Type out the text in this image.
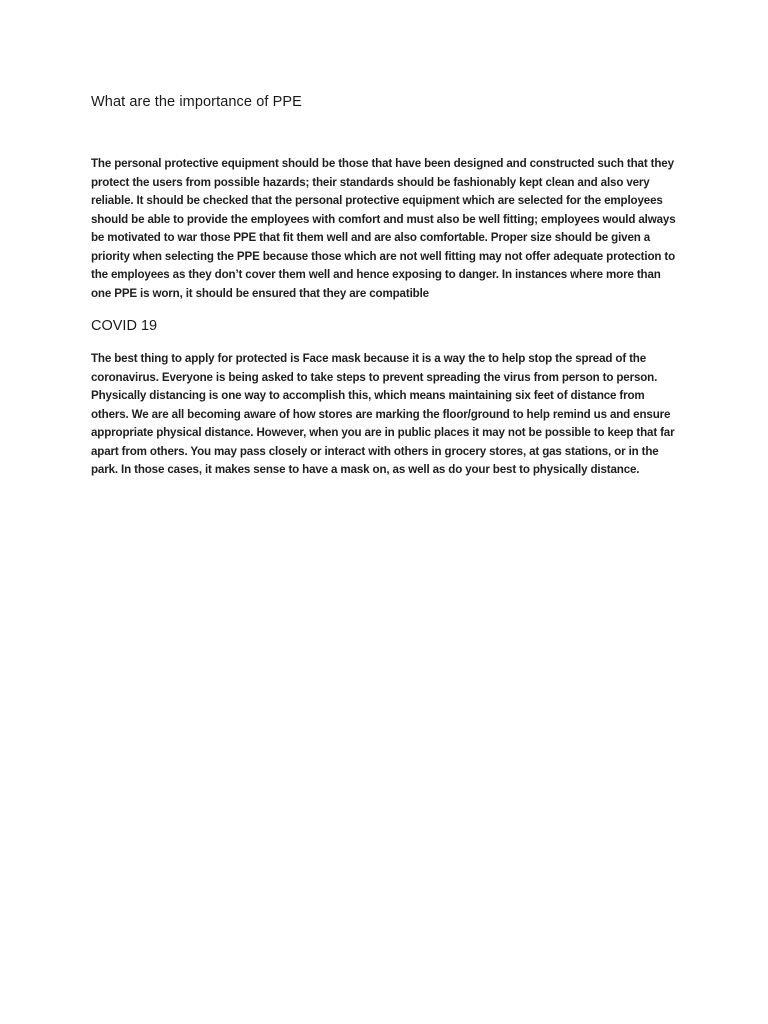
What are the importance of PPE

The personal protective equipment should be those that have been designed and constructed such that they protect the users from possible hazards; their standards should be fashionably kept clean and also very reliable. It should be checked that the personal protective equipment which are selected for the employees should be able to provide the employees with comfort and must also be well fitting; employees would always be motivated to war those PPE that fit them well and are also comfortable. Proper size should be given a priority when selecting the PPE because those which are not well fitting may not offer adequate protection to the employees as they don’t cover them well and hence exposing to danger. In instances where more than one PPE is worn, it should be ensured that they are compatible

COVID 19

The best thing to apply for protected is Face mask because it is a way the to help stop the spread of the coronavirus. Everyone is being asked to take steps to prevent spreading the virus from person to person. Physically distancing is one way to accomplish this, which means maintaining six feet of distance from others. We are all becoming aware of how stores are marking the floor/ground to help remind us and ensure appropriate physical distance. However, when you are in public places it may not be possible to keep that far apart from others. You may pass closely or interact with others in grocery stores, at gas stations, or in the park. In those cases, it makes sense to have a mask on, as well as do your best to physically distance.
